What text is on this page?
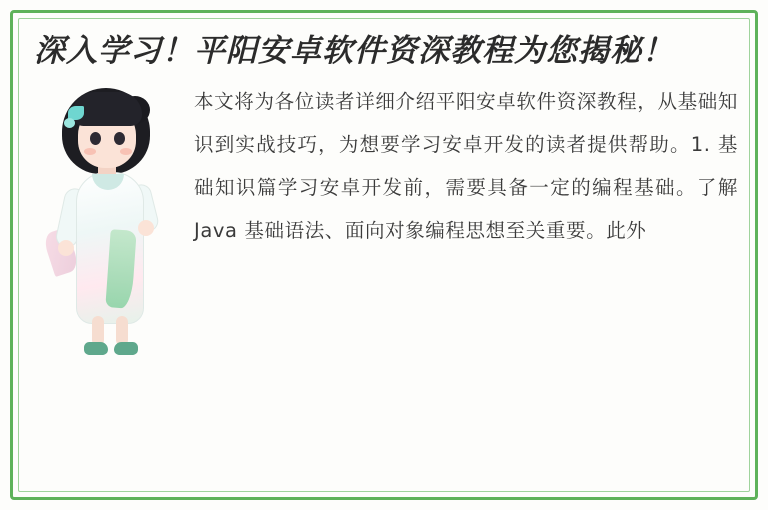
深入学习！平阳安卓软件资深教程为您揭秘！

本文将为各位读者详细介绍平阳安卓软件资深教程，从基础知识到实战技巧，为想要学习安卓开发的读者提供帮助。1. 基础知识篇学习安卓开发前，需要具备一定的编程基础。了解 Java 基础语法、面向对象编程思想至关重要。此外
